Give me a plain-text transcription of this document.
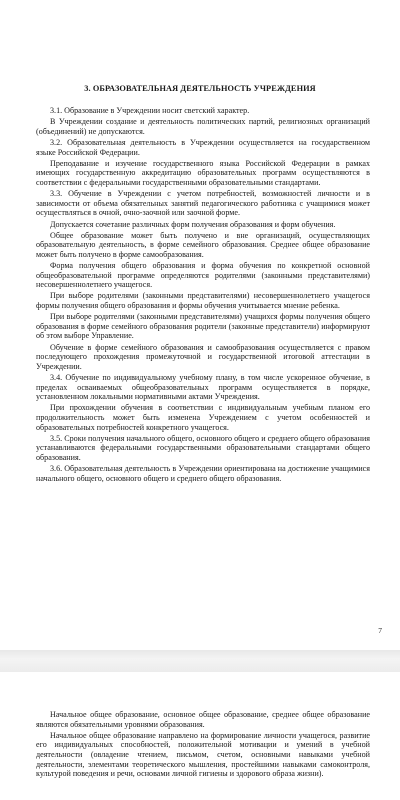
3. ОБРАЗОВАТЕЛЬНАЯ ДЕЯТЕЛЬНОСТЬ УЧРЕЖДЕНИЯ

3.1. Образование в Учреждении носит светский характер.

В Учреждении создание и деятельность политических партий, религиозных организаций (объединений) не допускаются.

3.2. Образовательная деятельность в Учреждении осуществляется на государственном языке Российской Федерации.

Преподавание и изучение государственного языка Российской Федерации в рамках имеющих государственную аккредитацию образовательных программ осуществляются в соответствии с федеральными государственными образовательными стандартами.

3.3. Обучение в Учреждении с учетом потребностей, возможностей личности и в зависимости от объема обязательных занятий педагогического работника с учащимися может осуществляться в очной, очно-заочной или заочной форме.

Допускается сочетание различных форм получения образования и форм обучения.

Общее образование может быть получено и вне организаций, осуществляющих образовательную деятельность, в форме семейного образования. Среднее общее образование может быть получено в форме самообразования.

Форма получения общего образования и форма обучения по конкретной основной общеобразовательной программе определяются родителями (законными представителями) несовершеннолетнего учащегося.

При выборе родителями (законными представителями) несовершеннолетнего учащегося формы получения общего образования и формы обучения учитывается мнение ребенка.

При выборе родителями (законными представителями) учащихся формы получения общего образования в форме семейного образования родители (законные представители) информируют об этом выборе Управление.

Обучение в форме семейного образования и самообразования осуществляется с правом последующего прохождения промежуточной и государственной итоговой аттестации в Учреждении.

3.4. Обучение по индивидуальному учебному плану, в том числе ускоренное обучение, в пределах осваиваемых общеобразовательных программ осуществляется в порядке, установленном локальными нормативными актами Учреждения.

При прохождении обучения в соответствии с индивидуальным учебным планом его продолжительность может быть изменена Учреждением с учетом особенностей и образовательных потребностей конкретного учащегося.

3.5. Сроки получения начального общего, основного общего и среднего общего образования устанавливаются федеральными государственными образовательными стандартами общего образования.

3.6. Образовательная деятельность в Учреждении ориентирована на достижение учащимися начального общего, основного общего и среднего общего образования.

7

Начальное общее образование, основное общее образование, среднее общее образование являются обязательными уровнями образования.

Начальное общее образование направлено на формирование личности учащегося, развитие его индивидуальных способностей, положительной мотивации и умений в учебной деятельности (овладение чтением, письмом, счетом, основными навыками учебной деятельности, элементами теоретического мышления, простейшими навыками самоконтроля, культурой поведения и речи, основами личной гигиены и здорового образа жизни).
